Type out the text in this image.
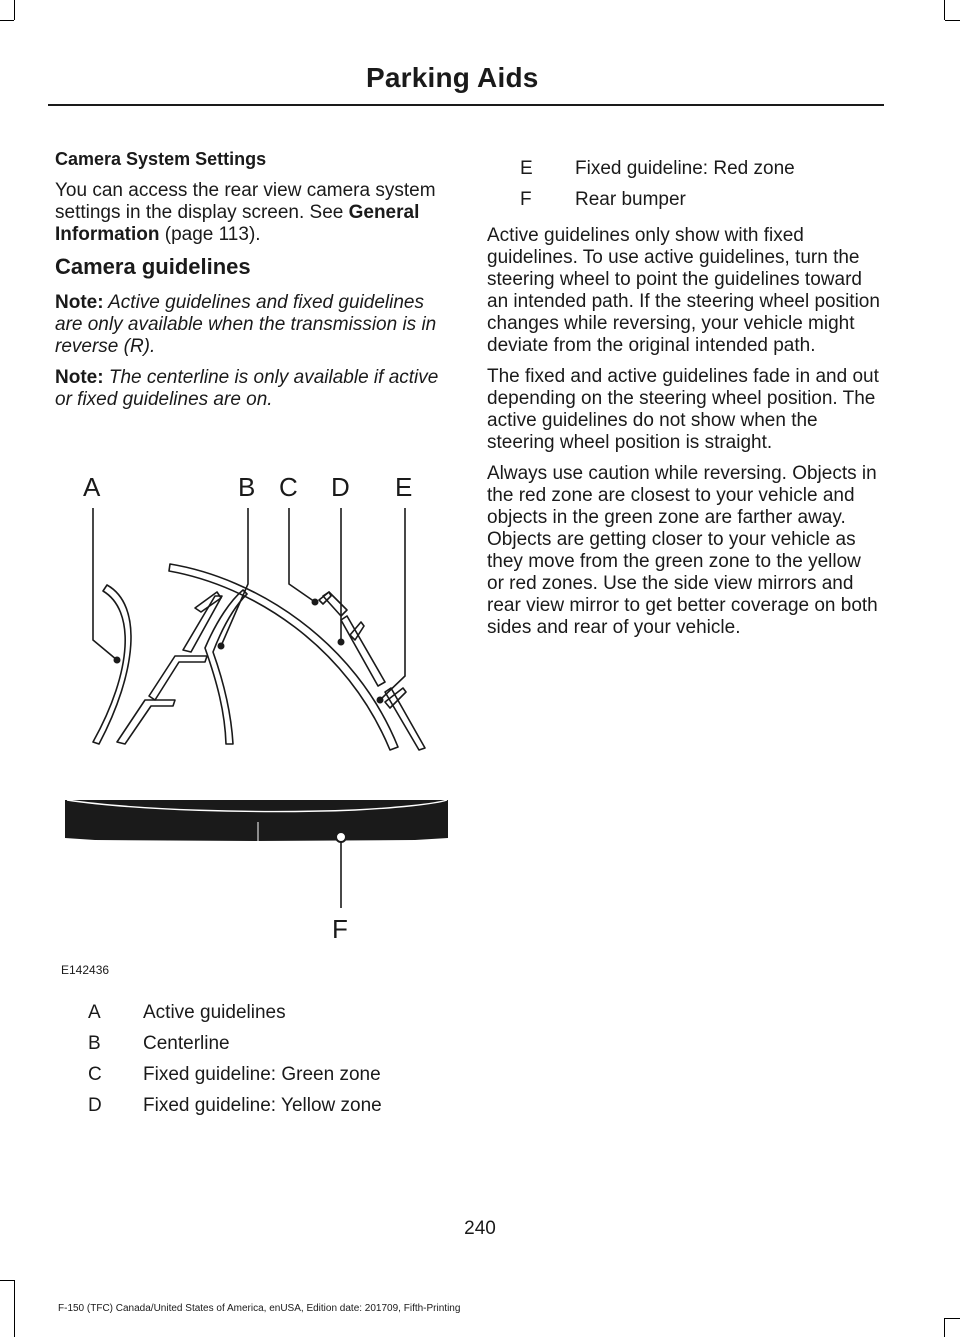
Parking Aids
Camera System Settings

You can access the rear view camera system settings in the display screen. See General Information (page 113).

Camera guidelines

Note: Active guidelines and fixed guidelines are only available when the transmission is in reverse (R).

Note: The centerline is only available if active or fixed guidelines are on.

A	B C D E
F
E142436
A	Active guidelines
B	Centerline
C	Fixed guideline: Green zone
D	Fixed guideline: Yellow zone
E	Fixed guideline: Red zone
F	Rear bumper

Active guidelines only show with fixed guidelines. To use active guidelines, turn the steering wheel to point the guidelines toward an intended path. If the steering wheel position changes while reversing, your vehicle might deviate from the original intended path.

The fixed and active guidelines fade in and out depending on the steering wheel position. The active guidelines do not show when the steering wheel position is straight.

Always use caution while reversing. Objects in the red zone are closest to your vehicle and objects in the green zone are farther away. Objects are getting closer to your vehicle as they move from the green zone to the yellow or red zones. Use the side view mirrors and rear view mirror to get better coverage on both sides and rear of your vehicle.

240
F-150 (TFC) Canada/United States of America, enUSA, Edition date: 201709, Fifth-Printing
